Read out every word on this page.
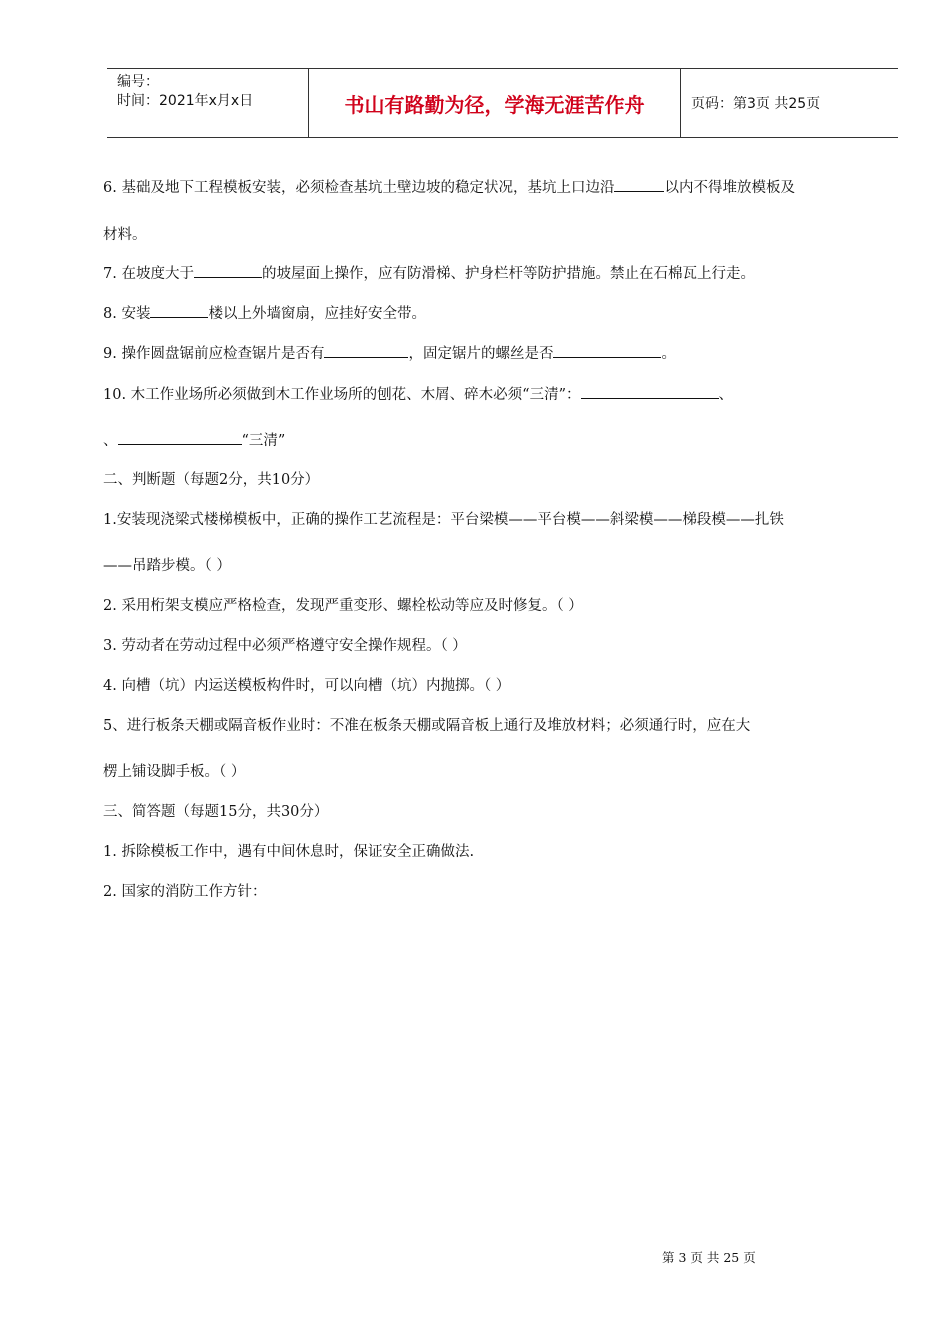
编号：
时间：2021年x月x日	书山有路勤为径，学海无涯苦作舟	页码：第3页 共25页
6. 基础及地下工程模板安装，必须检查基坑土壁边坡的稳定状况，基坑上口边沿	以内不得堆放模板及
材料。
7. 在坡度大于	的坡屋面上操作，应有防滑梯、护身栏杆等防护措施。禁止在石棉瓦上行走。
8. 安装	楼以上外墙窗扇，应挂好安全带。
9. 操作圆盘锯前应检查锯片是否有	，固定锯片的螺丝是否	。
10. 木工作业场所必须做到木工作业场所的刨花、木屑、碎木必须“三清”：	、
、	“三清”
二、判断题（每题2分，共10分）
1.安装现浇梁式楼梯模板中，正确的操作工艺流程是：平台梁模——平台模——斜梁模——梯段模——扎铁
——吊踏步模。（ ）
2. 采用桁架支模应严格检查，发现严重变形、螺栓松动等应及时修复。（ ）
3. 劳动者在劳动过程中必须严格遵守安全操作规程。（ ）
4. 向槽（坑）内运送模板构件时，可以向槽（坑）内抛掷。（ ）
5、进行板条天棚或隔音板作业时：不准在板条天棚或隔音板上通行及堆放材料；必须通行时，应在大
楞上铺设脚手板。（ ）
三、简答题（每题15分，共30分）
1. 拆除模板工作中，遇有中间休息时，保证安全正确做法.
2. 国家的消防工作方针：
第 3 页 共 25 页
